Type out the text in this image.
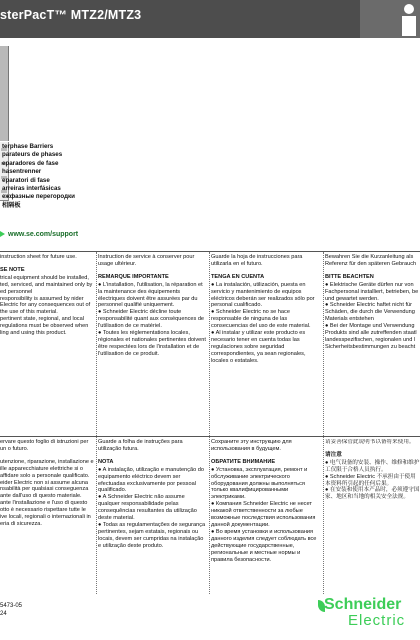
sterPacT™ MTZ2/MTZ3
terphase Barriers
parateurs de phases
eparadores de fase
hasentrenner
eparatori di fase
arreiras interfásicas
ежфазные перегородки
相隔板
www.se.com/support
instruction sheet for future use.
SE NOTE

trical equipment should be installed, ted, serviced, and maintained only by ed personnel

responsibility is assumed by nider Electric for any consequences out of the use of this material.

pertinent state, regional, and local regulations must be observed when ling and using this product.

Instruction de service à conserver pour usage ultérieur.
REMARQUE IMPORTANTE

● L'installation, l'utilisation, la réparation et la maintenance des équipements électriques doivent être assurées par du personnel qualifié uniquement.

● Schneider Electric décline toute responsabilité quant aux conséquences de l'utilisation de ce matériel.

● Toutes les réglementations locales, régionales et nationales pertinentes doivent être respectées lors de l'installation et de l'utilisation de ce produit.

Guarde la hoja de instrucciones para utilizarla en el futuro.
TENGA EN CUENTA

● La instalación, utilización, puesta en servicio y mantenimiento de equipos eléctricos deberán ser realizados sólo por personal cualificado.

● Schneider Electric no se hace responsable de ninguna de las consecuencias del uso de este material.

● Al instalar y utilizar este producto es necesario tener en cuenta todas las regulaciones sobre seguridad correspondientes, ya sean regionales, locales o estatales.

Bewahren Sie die Kurzanleitung als Referenz für den späteren Gebrauch
BITTE BEACHTEN

● Elektrische Geräte dürfen nur von Fachpersonal installiert, betrieben, be und gewartet werden.

● Schneider Electric haftet nicht für Schäden, die durch die Verwendung Materials entstehen

● Bei der Montage und Verwendung Produkts sind alle zutreffenden staatl landesspezifischen, regionalen und l Sicherheitsbestimmungen zu beacht

ervare questo foglio di istruzioni per un o futuro.

utenzione, riparazione, installazione e ille apparecchiature elettriche si o affidare solo a personale qualificato.

eider Electric non si assume alcuna nsabilità per qualsiasi conseguenza ante dall'uso di questo materiale.

ante l'installazione e l'uso di questo otto è necessario rispettare tutte le ive locali, regionali o internazionali in eria di sicurezza.

Guarde a folha de instruções para utilização futura.
NOTA

● A instalação, utilização e manutenção do equipamento eléctrico devem ser efectuadas exclusivamente por pessoal qualificado.

● A Schneider Electric não assume qualquer responsabilidade pelas consequências resultantes da utilização deste material.

● Todas as regulamentações de segurança pertinentes, sejam estatais, regionais ou locais, devem ser cumpridas na instalação e utilização deste produto.

Сохраните эту инструкцию для использования в будущем.
ОБРАТИТЕ ВНИМАНИЕ

● Установка, эксплуатация, ремонт и обслуживание электрического оборудования должны выполняться только квалифицированными электриками.

● Компания Schneider Electric не несет никакой ответственности за любые возможные последствия использования данной документации.

● Во время установки и использования данного изделия следует соблюдать все действующие государственные, региональные и местные нормы и правила безопасности.

请妥善保管此说明书以备将来使用。
请注意

● 电气设备的安装、操作、维修和维护工仅限于合格人员执行。

● Schneider Electric 不承担由于使用本资料所引起的任何后果。

● 在安装和使用本产品时，必须遵守国家、地区和当地的相关安全法规。

5473-05
24
Schneider
Electric
